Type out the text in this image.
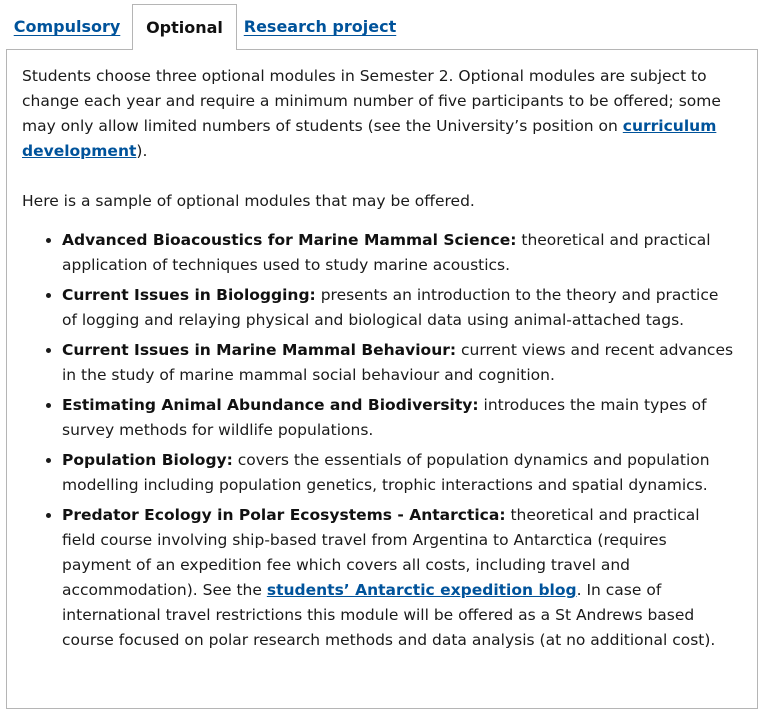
Compulsory	Optional	Research project

Students choose three optional modules in Semester 2. Optional modules are subject to change each year and require a minimum number of five participants to be offered; some may only allow limited numbers of students (see the University’s position on curriculum development).

Here is a sample of optional modules that may be offered.

• Advanced Bioacoustics for Marine Mammal Science: theoretical and practical application of techniques used to study marine acoustics.
• Current Issues in Biologging: presents an introduction to the theory and practice of logging and relaying physical and biological data using animal-attached tags.
• Current Issues in Marine Mammal Behaviour: current views and recent advances in the study of marine mammal social behaviour and cognition.
• Estimating Animal Abundance and Biodiversity: introduces the main types of survey methods for wildlife populations.
• Population Biology: covers the essentials of population dynamics and population modelling including population genetics, trophic interactions and spatial dynamics.
• Predator Ecology in Polar Ecosystems - Antarctica: theoretical and practical field course involving ship-based travel from Argentina to Antarctica (requires payment of an expedition fee which covers all costs, including travel and accommodation). See the students’ Antarctic expedition blog. In case of international travel restrictions this module will be offered as a St Andrews based course focused on polar research methods and data analysis (at no additional cost).
